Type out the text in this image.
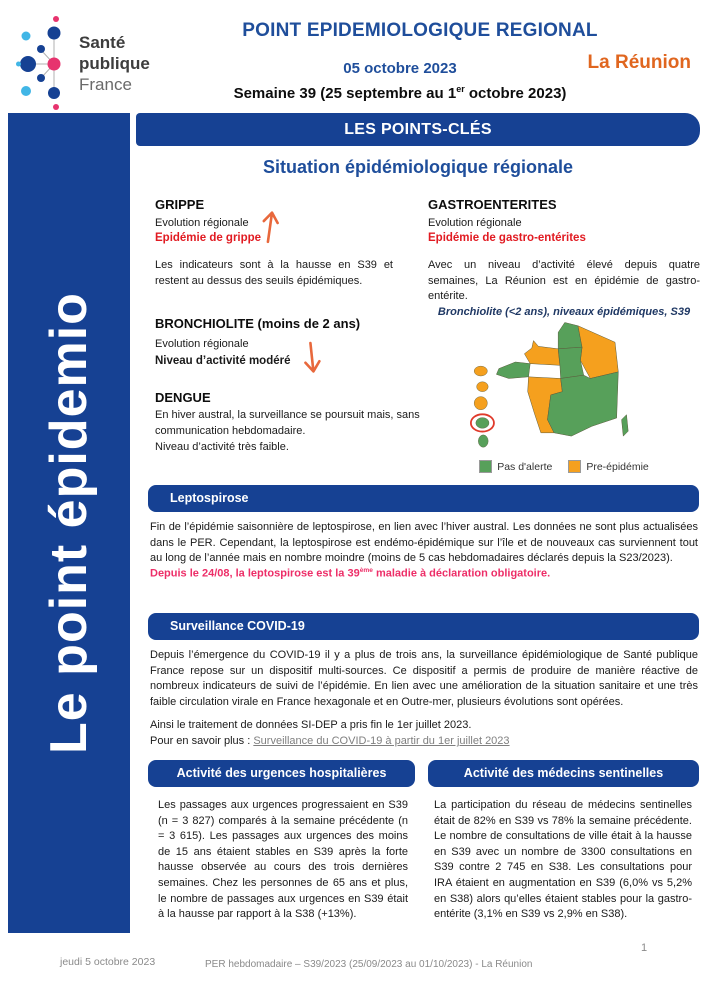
Santé
publique
France
POINT EPIDEMIOLOGIQUE REGIONAL
05 octobre 2023	La Réunion
Semaine 39 (25 septembre au 1er octobre 2023)
Le point épidemio
LES POINTS-CLÉS
Situation épidémiologique régionale
GRIPPE
Evolution régionale
Epidémie de grippe
Les indicateurs sont à la hausse en S39 et restent au dessus des seuils épidémiques.
BRONCHIOLITE (moins de 2 ans)
Evolution régionale
Niveau d’activité modéré
DENGUE
En hiver austral, la surveillance se poursuit mais, sans communication hebdomadaire.
Niveau d’activité très faible.
GASTROENTERITES
Evolution régionale
Epidémie de gastro-entérites
Avec un niveau d’activité élevé depuis quatre semaines, La Réunion est en épidémie de gastro-entérite.
Bronchiolite (<2 ans), niveaux épidémiques, S39
Pas d'alerte	Pre-épidémie
Leptospirose
Fin de l’épidémie saisonnière de leptospirose, en lien avec l’hiver austral. Les données ne sont plus actualisées dans le PER. Cependant, la leptospirose est endémo-épidémique sur l’île et de nouveaux cas surviennent tout au long de l’année mais en nombre moindre (moins de 5 cas hebdomadaires déclarés depuis la S23/2023).
Depuis le 24/08, la leptospirose est la 39ème maladie à déclaration obligatoire.
Surveillance COVID-19
Depuis l’émergence du COVID-19 il y a plus de trois ans, la surveillance épidémiologique de Santé publique France repose sur un dispositif multi-sources. Ce dispositif a permis de produire de manière réactive de nombreux indicateurs de suivi de l’épidémie. En lien avec une amélioration de la situation sanitaire et une très faible circulation virale en France hexagonale et en Outre-mer, plusieurs évolutions sont opérées.
Ainsi le traitement de données SI-DEP a pris fin le 1er juillet 2023.
Pour en savoir plus : Surveillance du COVID-19 à partir du 1er juillet 2023
Activité des urgences hospitalières	Activité des médecins sentinelles
Les passages aux urgences progressaient en S39 (n = 3 827) comparés à la semaine précédente (n = 3 615). Les passages aux urgences des moins de 15 ans étaient stables en S39 après la forte hausse observée au cours des trois dernières semaines. Chez les personnes de 65 ans et plus, le nombre de passages aux urgences en S39 était à la hausse par rapport à la S38 (+13%).
La participation du réseau de médecins sentinelles était de 82% en S39 vs 78% la semaine précédente. Le nombre de consultations de ville était à la hausse en S39 avec un nombre de 3300 consultations en S39 contre 2 745 en S38. Les consultations pour IRA étaient en augmentation en S39 (6,0% vs 5,2% en S38) alors qu’elles étaient stables pour la gastro-entérite (3,1% en S39 vs 2,9% en S38).
jeudi 5 octobre 2023	PER hebdomadaire – S39/2023 (25/09/2023 au 01/10/2023) - La Réunion
1
